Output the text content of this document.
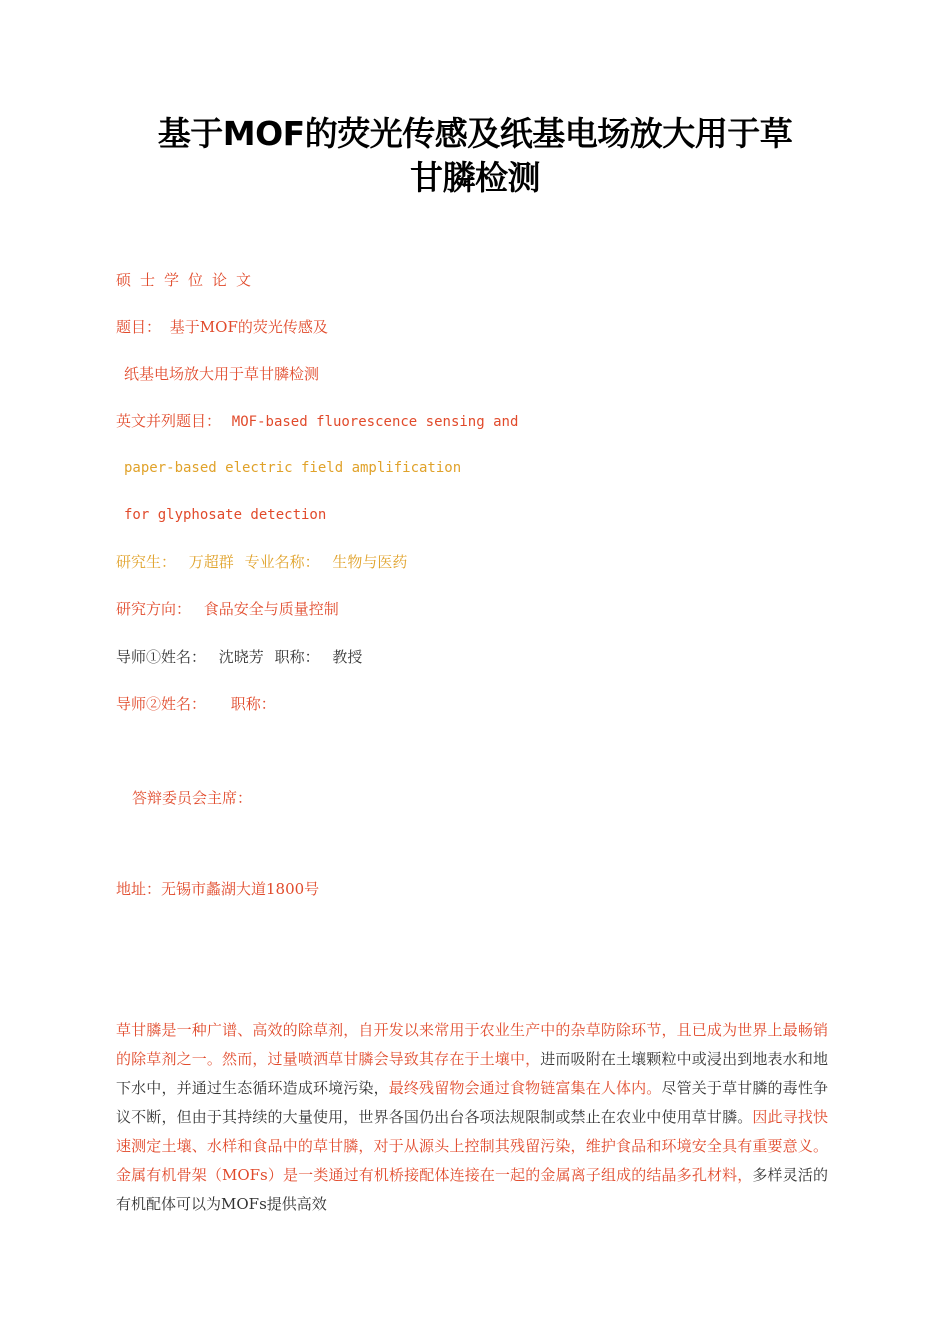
基于MOF的荧光传感及纸基电场放大用于草
甘膦检测
硕士学位论文
题目： 基于MOF的荧光传感及
纸基电场放大用于草甘膦检测
英文并列题目： MOF-based fluorescence sensing and
paper-based electric field amplification
for glyphosate detection
研究生： 万超群 专业名称： 生物与医药
研究方向： 食品安全与质量控制
导师①姓名： 沈晓芳 职称： 教授
导师②姓名： 职称：
答辩委员会主席：
地址：无锡市蠡湖大道1800号

草甘膦是一种广谱、高效的除草剂，自开发以来常用于农业生产中的杂草防除环节，且已成为世界上最畅销的除草剂之一。然而，过量喷洒草甘膦会导致其存在于土壤中，进而吸附在土壤颗粒中或浸出到地表水和地下水中，并通过生态循环造成环境污染，最终残留物会通过食物链富集在人体内。尽管关于草甘膦的毒性争议不断，但由于其持续的大量使用，世界各国仍出台各项法规限制或禁止在农业中使用草甘膦。因此寻找快速测定土壤、水样和食品中的草甘膦，对于从源头上控制其残留污染，维护食品和环境安全具有重要意义。金属有机骨架（MOFs）是一类通过有机桥接配体连接在一起的金属离子组成的结晶多孔材料，多样灵活的有机配体可以为MOFs提供高效
